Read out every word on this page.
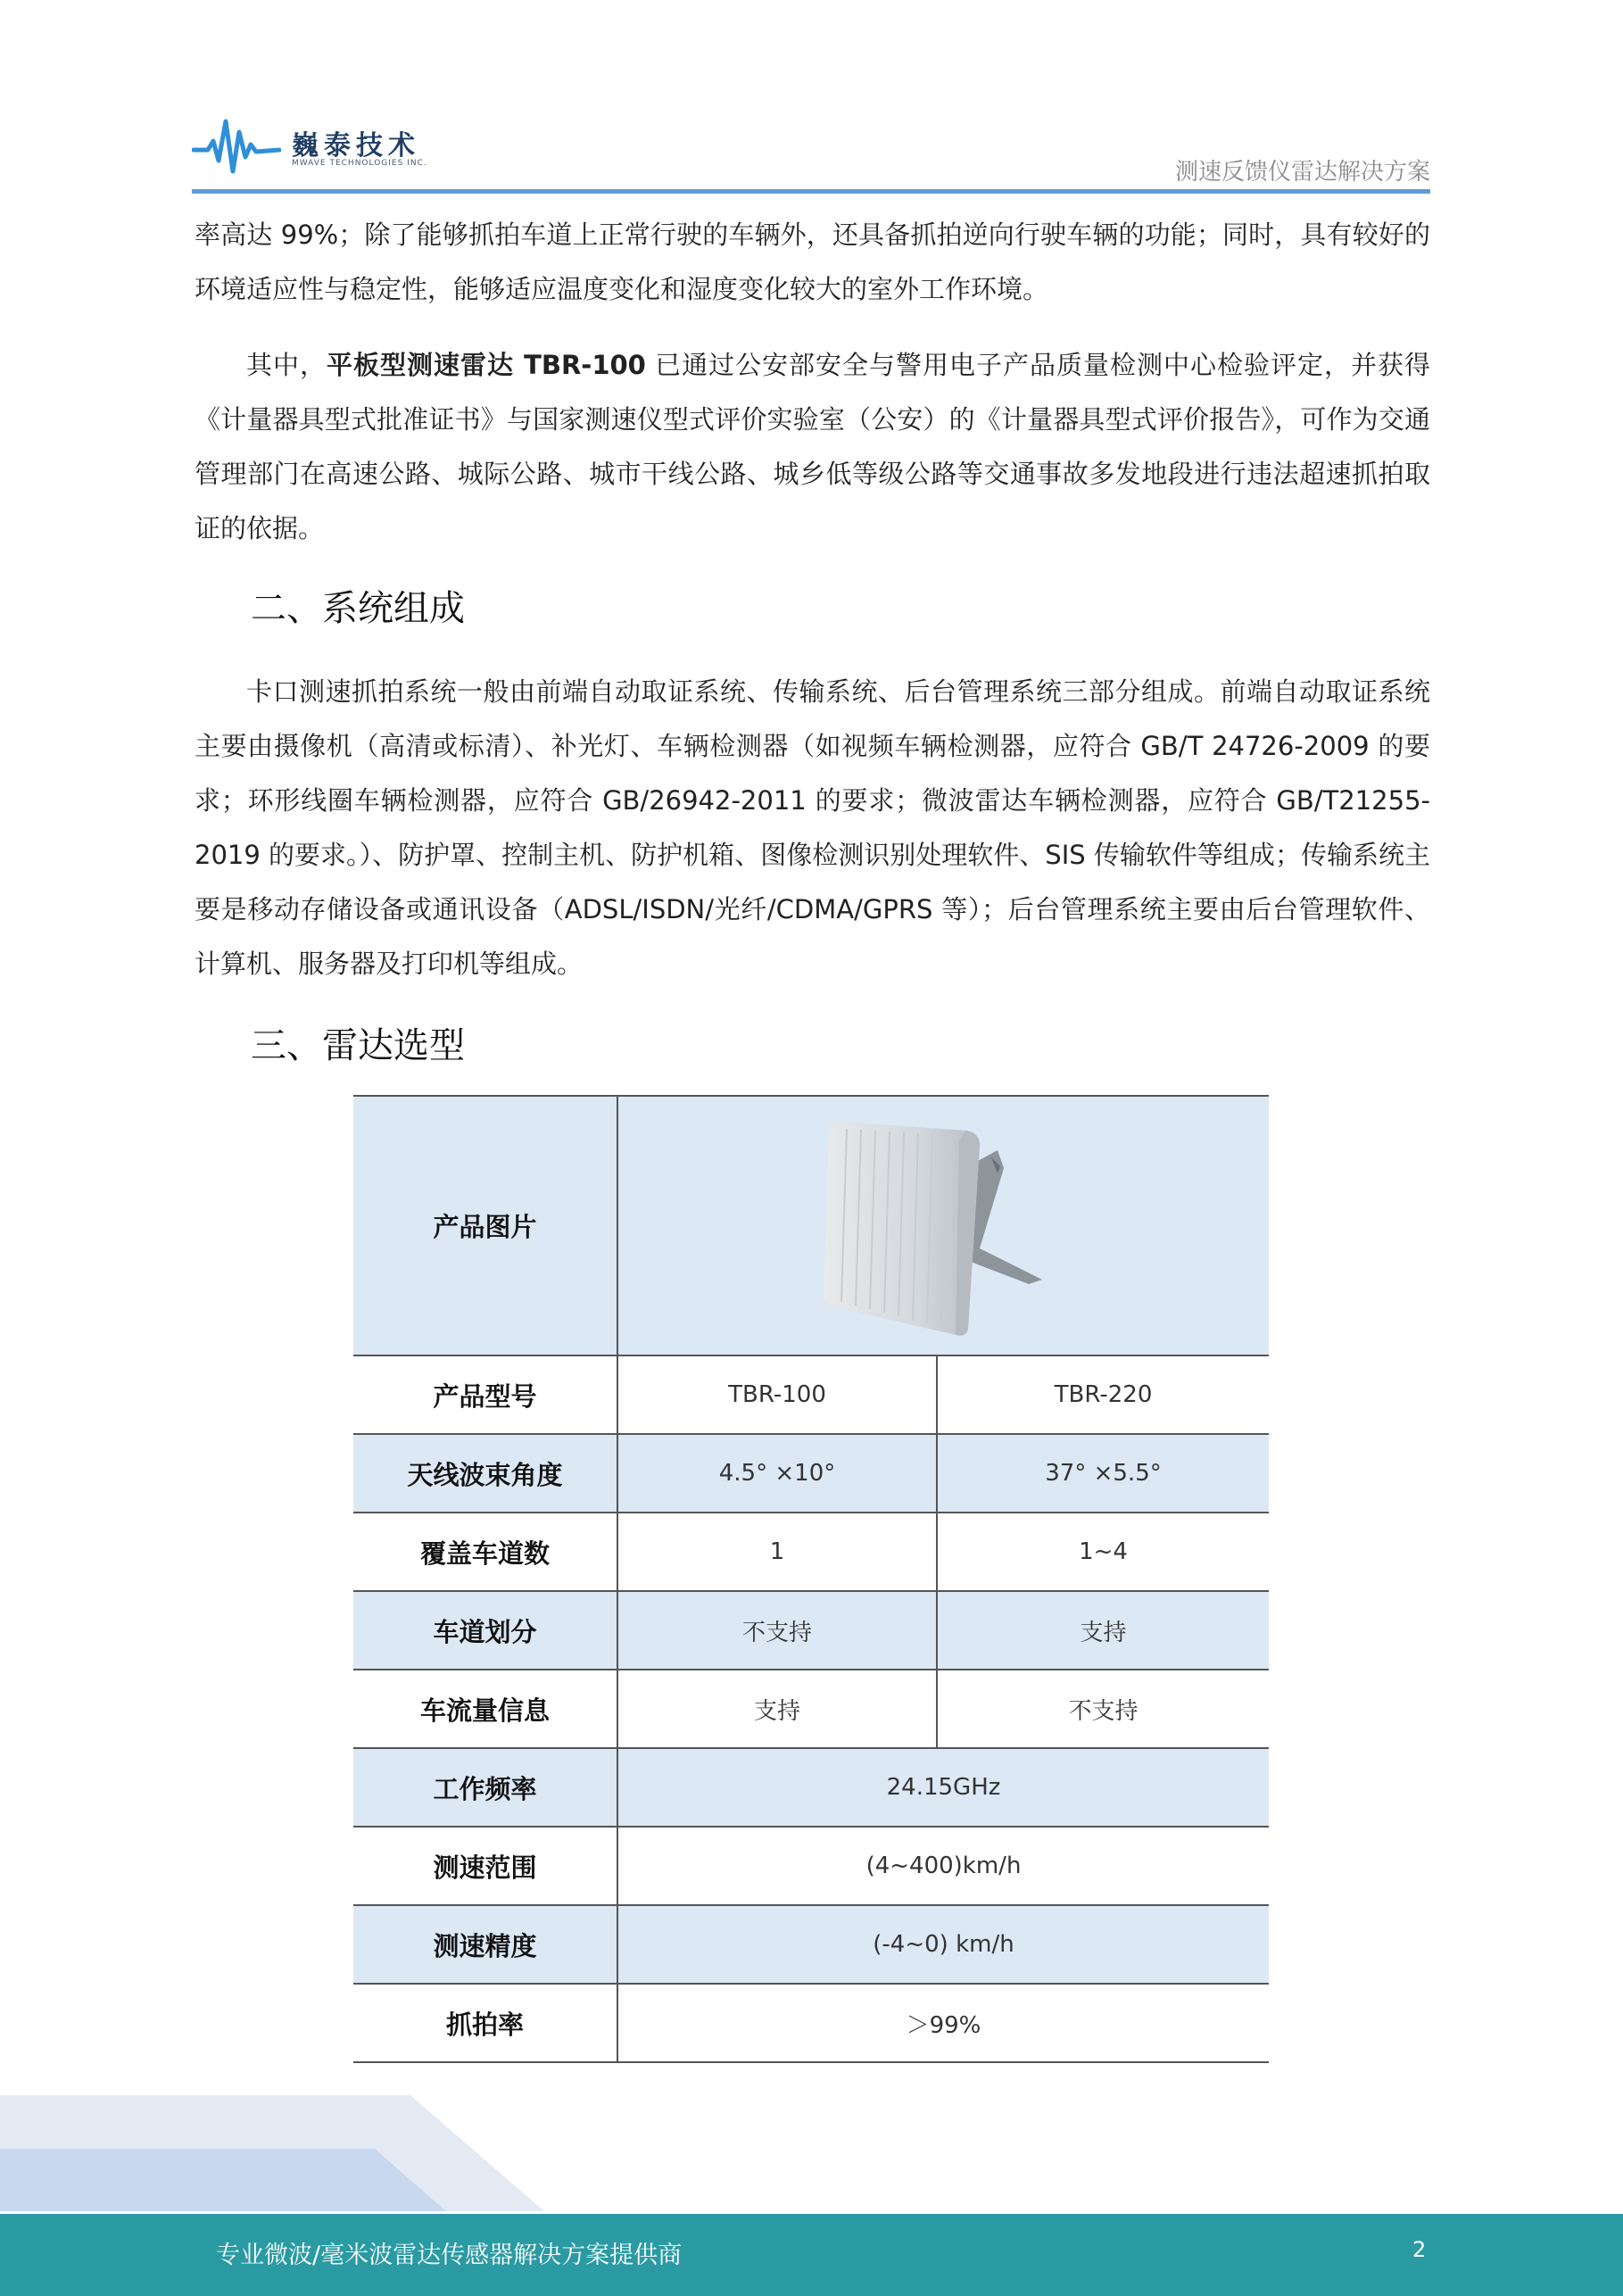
巍泰技术
MWAVE TECHNOLOGIES INC.	测速反馈仪雷达解决方案
率高达 99%；除了能够抓拍车道上正常行驶的车辆外，还具备抓拍逆向行驶车辆的功能；同时，具有较好的环境适应性与稳定性，能够适应温度变化和湿度变化较大的室外工作环境。
其中，平板型测速雷达 TBR-100 已通过公安部安全与警用电子产品质量检测中心检验评定，并获得《计量器具型式批准证书》与国家测速仪型式评价实验室（公安）的《计量器具型式评价报告》，可作为交通管理部门在高速公路、城际公路、城市干线公路、城乡低等级公路等交通事故多发地段进行违法超速抓拍取证的依据。
二、系统组成
卡口测速抓拍系统一般由前端自动取证系统、传输系统、后台管理系统三部分组成。前端自动取证系统主要由摄像机（高清或标清）、补光灯、车辆检测器（如视频车辆检测器，应符合 GB/T 24726-2009 的要求；环形线圈车辆检测器，应符合 GB/26942-2011 的要求；微波雷达车辆检测器，应符合 GB/T21255-2019 的要求。）、防护罩、控制主机、防护机箱、图像检测识别处理软件、SIS 传输软件等组成；传输系统主要是移动存储设备或通讯设备（ADSL/ISDN/光纤/CDMA/GPRS 等）；后台管理系统主要由后台管理软件、计算机、服务器及打印机等组成。
三、雷达选型
产品图片	

产品型号	TBR-100	TBR-220
天线波束角度	4.5° ×10°	37° ×5.5°
覆盖车道数	1	1~4
车道划分	不支持	支持
车流量信息	支持	不支持
工作频率	24.15GHz	
测速范围	(4~400)km/h	
测速精度	(-4~0) km/h	
抓拍率	＞99%	
专业微波/毫米波雷达传感器解决方案提供商	2
